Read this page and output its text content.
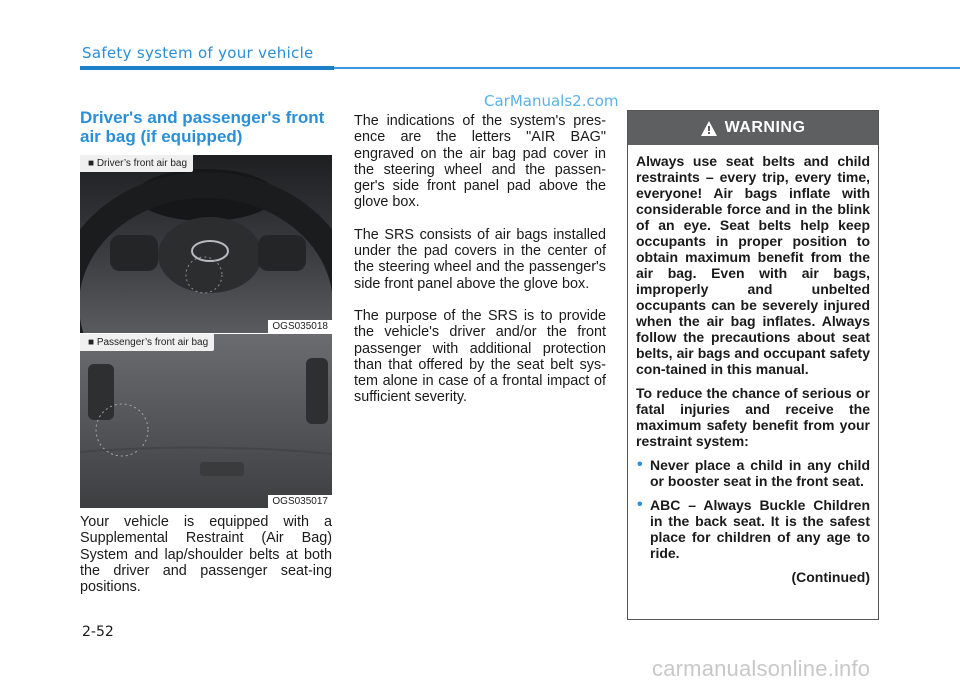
Safety system of your vehicle
CarManuals2.com
Driver's and passenger's front air bag (if equipped)
■ Driver’s front air bag
OGS035018
■ Passenger’s front air bag
OGS035017
Your vehicle is equipped with a Supplemental Restraint (Air Bag) System and lap/shoulder belts at both the driver and passenger seat-ing positions.

The indications of the system's pres-ence are the letters "AIR BAG" engraved on the air bag pad cover in the steering wheel and the passen-ger's side front panel pad above the glove box.

The SRS consists of air bags installed under the pad covers in the center of the steering wheel and the passenger's side front panel above the glove box.

The purpose of the SRS is to provide the vehicle's driver and/or the front passenger with additional protection than that offered by the seat belt sys-tem alone in case of a frontal impact of sufficient severity.

WARNING

Always use seat belts and child restraints – every trip, every time, everyone! Air bags inflate with considerable force and in the blink of an eye. Seat belts help keep occupants in proper position to obtain maximum benefit from the air bag. Even with air bags, improperly and unbelted occupants can be severely injured when the air bag inflates. Always follow the precautions about seat belts, air bags and occupant safety con-tained in this manual.

To reduce the chance of serious or fatal injuries and receive the maximum safety benefit from your restraint system:

• Never place a child in any child or booster seat in the front seat.
• ABC – Always Buckle Children in the back seat. It is the safest place for children of any age to ride.
(Continued)
2-52
carmanualsonline.info
